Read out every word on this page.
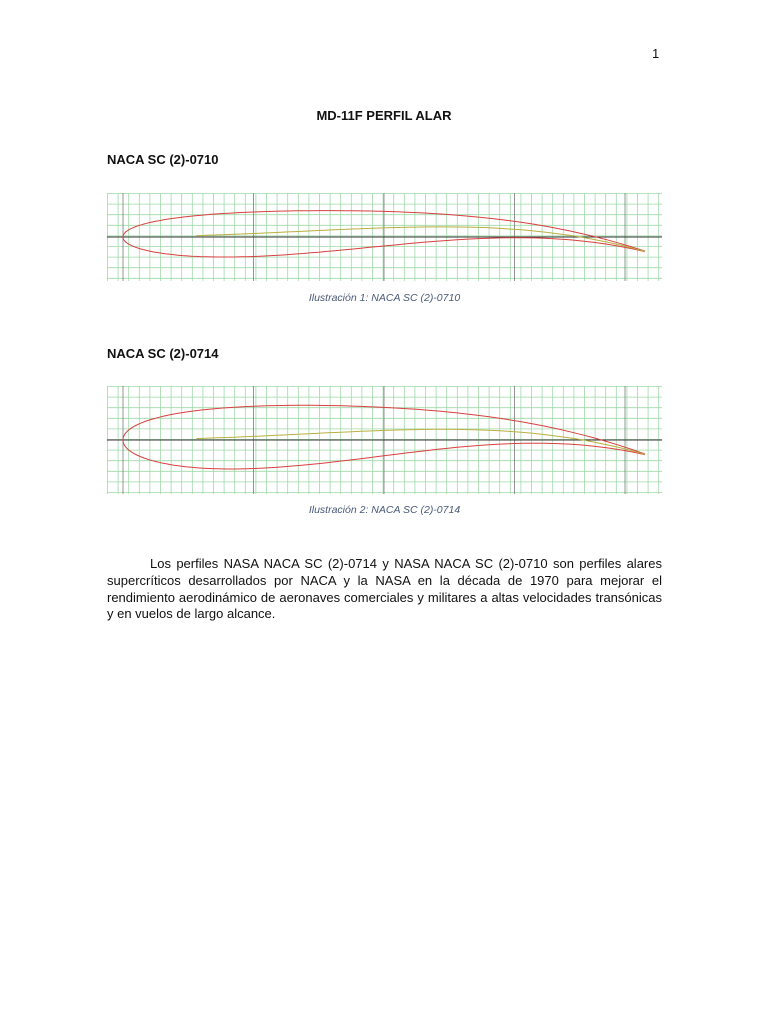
1
MD-11F PERFIL ALAR
NACA SC (2)-0710
Ilustración 1: NACA SC (2)-0710
NACA SC (2)-0714
Ilustración 2: NACA SC (2)-0714

Los perfiles NASA NACA SC (2)-0714 y NASA NACA SC (2)-0710 son perfiles alares supercríticos desarrollados por NACA y la NASA en la década de 1970 para mejorar el rendimiento aerodinámico de aeronaves comerciales y militares a altas velocidades transónicas y en vuelos de largo alcance.
